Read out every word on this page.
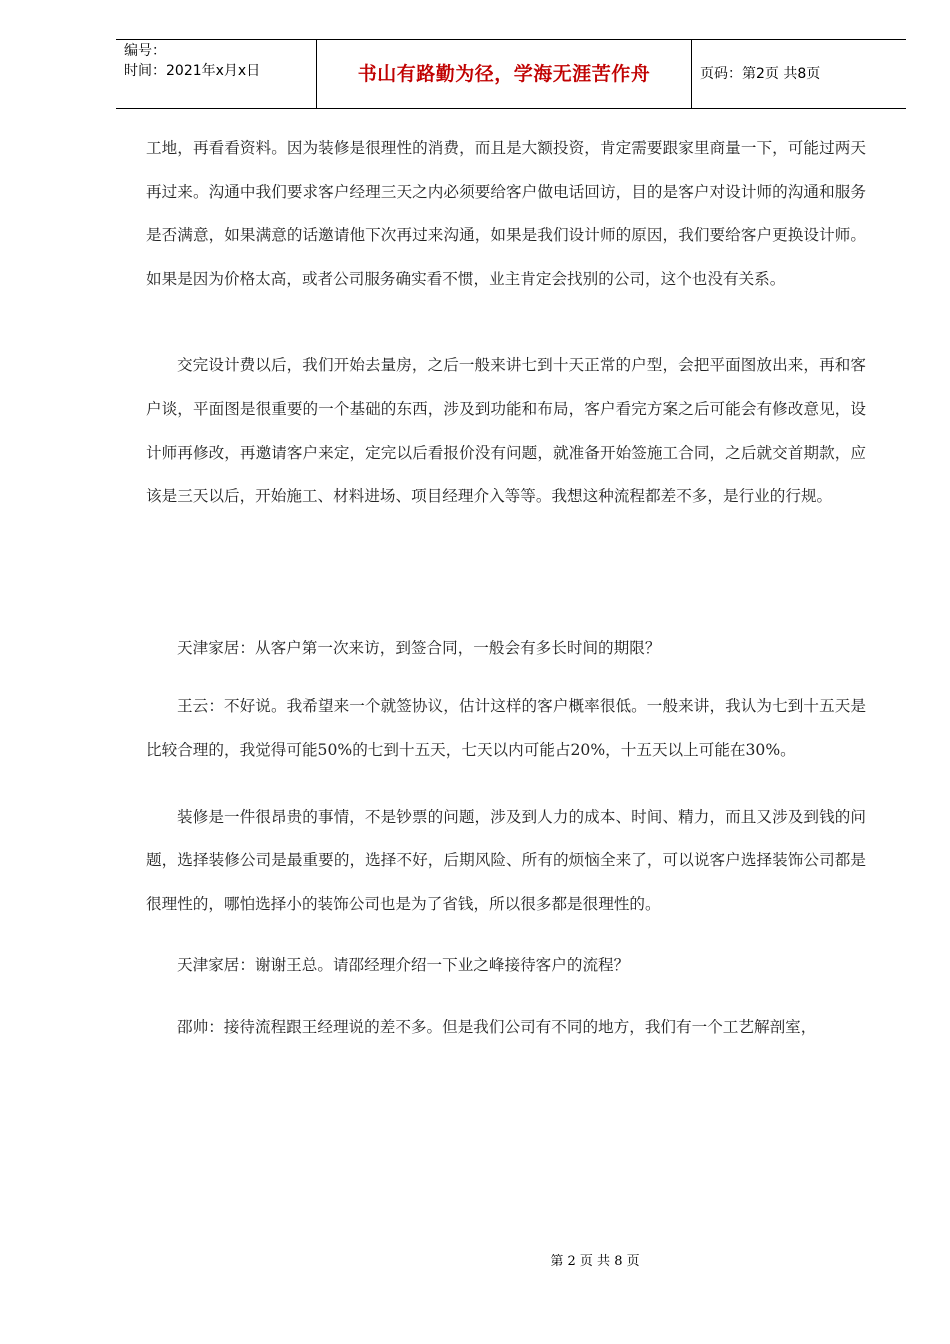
编号：
时间：2021年x月x日	书山有路勤为径，学海无涯苦作舟	页码：第2页 共8页

工地，再看看资料。因为装修是很理性的消费，而且是大额投资，肯定需要跟家里商量一下，可能过两天再过来。沟通中我们要求客户经理三天之内必须要给客户做电话回访，目的是客户对设计师的沟通和服务是否满意，如果满意的话邀请他下次再过来沟通，如果是我们设计师的原因，我们要给客户更换设计师。如果是因为价格太高，或者公司服务确实看不惯，业主肯定会找别的公司，这个也没有关系。

交完设计费以后，我们开始去量房，之后一般来讲七到十天正常的户型，会把平面图放出来，再和客户谈，平面图是很重要的一个基础的东西，涉及到功能和布局，客户看完方案之后可能会有修改意见，设计师再修改，再邀请客户来定，定完以后看报价没有问题，就准备开始签施工合同，之后就交首期款，应该是三天以后，开始施工、材料进场、项目经理介入等等。我想这种流程都差不多，是行业的行规。

天津家居：从客户第一次来访，到签合同，一般会有多长时间的期限？

王云：不好说。我希望来一个就签协议，估计这样的客户概率很低。一般来讲，我认为七到十五天是比较合理的，我觉得可能50%的七到十五天，七天以内可能占20%，十五天以上可能在30%。

装修是一件很昂贵的事情，不是钞票的问题，涉及到人力的成本、时间、精力，而且又涉及到钱的问题，选择装修公司是最重要的，选择不好，后期风险、所有的烦恼全来了，可以说客户选择装饰公司都是很理性的，哪怕选择小的装饰公司也是为了省钱，所以很多都是很理性的。

天津家居：谢谢王总。请邵经理介绍一下业之峰接待客户的流程？

邵帅：接待流程跟王经理说的差不多。但是我们公司有不同的地方，我们有一个工艺解剖室，

第 2 页 共 8 页
